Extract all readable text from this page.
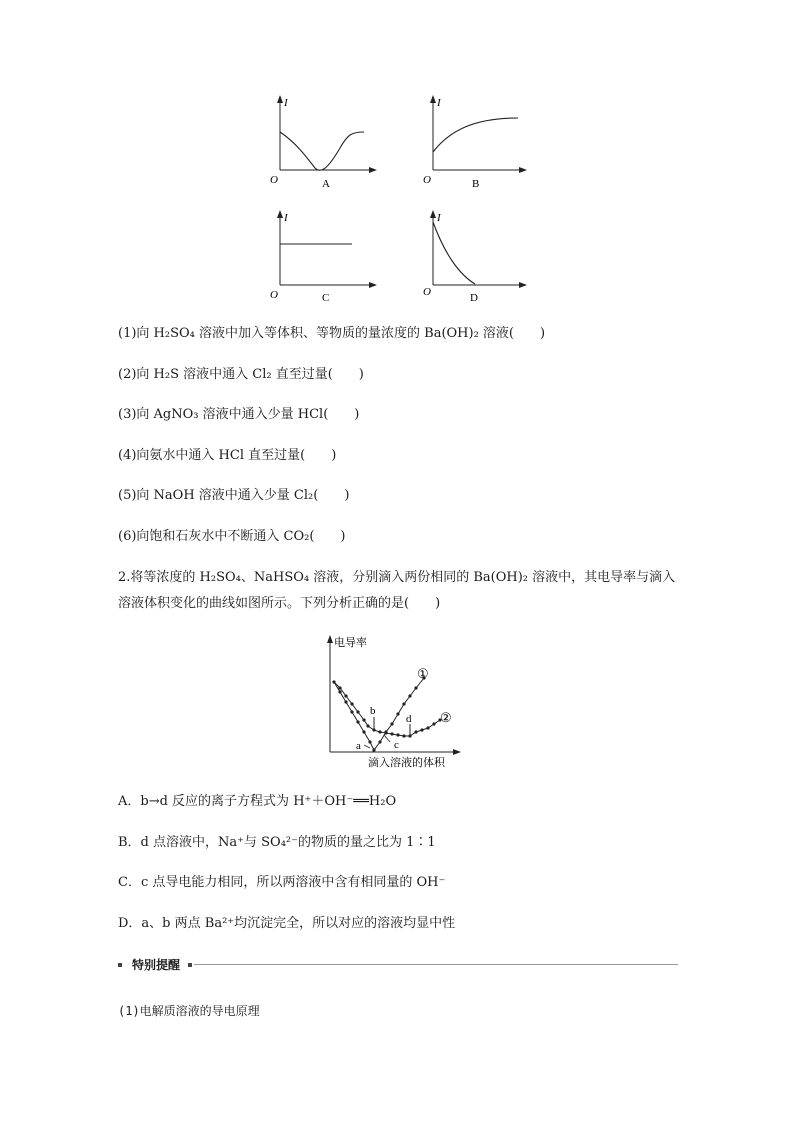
I
O	A
I
O	B
I
O	C
I
O	D
(1)向 H₂SO₄ 溶液中加入等体积、等物质的量浓度的 Ba(OH)₂ 溶液(　　)
(2)向 H₂S 溶液中通入 Cl₂ 直至过量(　　)
(3)向 AgNO₃ 溶液中通入少量 HCl(　　)
(4)向氨水中通入 HCl 直至过量(　　)
(5)向 NaOH 溶液中通入少量 Cl₂(　　)
(6)向饱和石灰水中不断通入 CO₂(　　)
2.将等浓度的 H₂SO₄、NaHSO₄ 溶液，分别滴入两份相同的 Ba(OH)₂ 溶液中，其电导率与滴入溶液体积变化的曲线如图所示。下列分析正确的是(　　)
电导率
滴入溶液的体积
a
b
c
d
①
②
A．b→d 反应的离子方程式为 H⁺＋OH⁻══H₂O
B．d 点溶液中，Na⁺与 SO₄²⁻的物质的量之比为 1∶1
C．c 点导电能力相同，所以两溶液中含有相同量的 OH⁻
D．a、b 两点 Ba²⁺均沉淀完全，所以对应的溶液均显中性
特别提醒
(1)电解质溶液的导电原理
